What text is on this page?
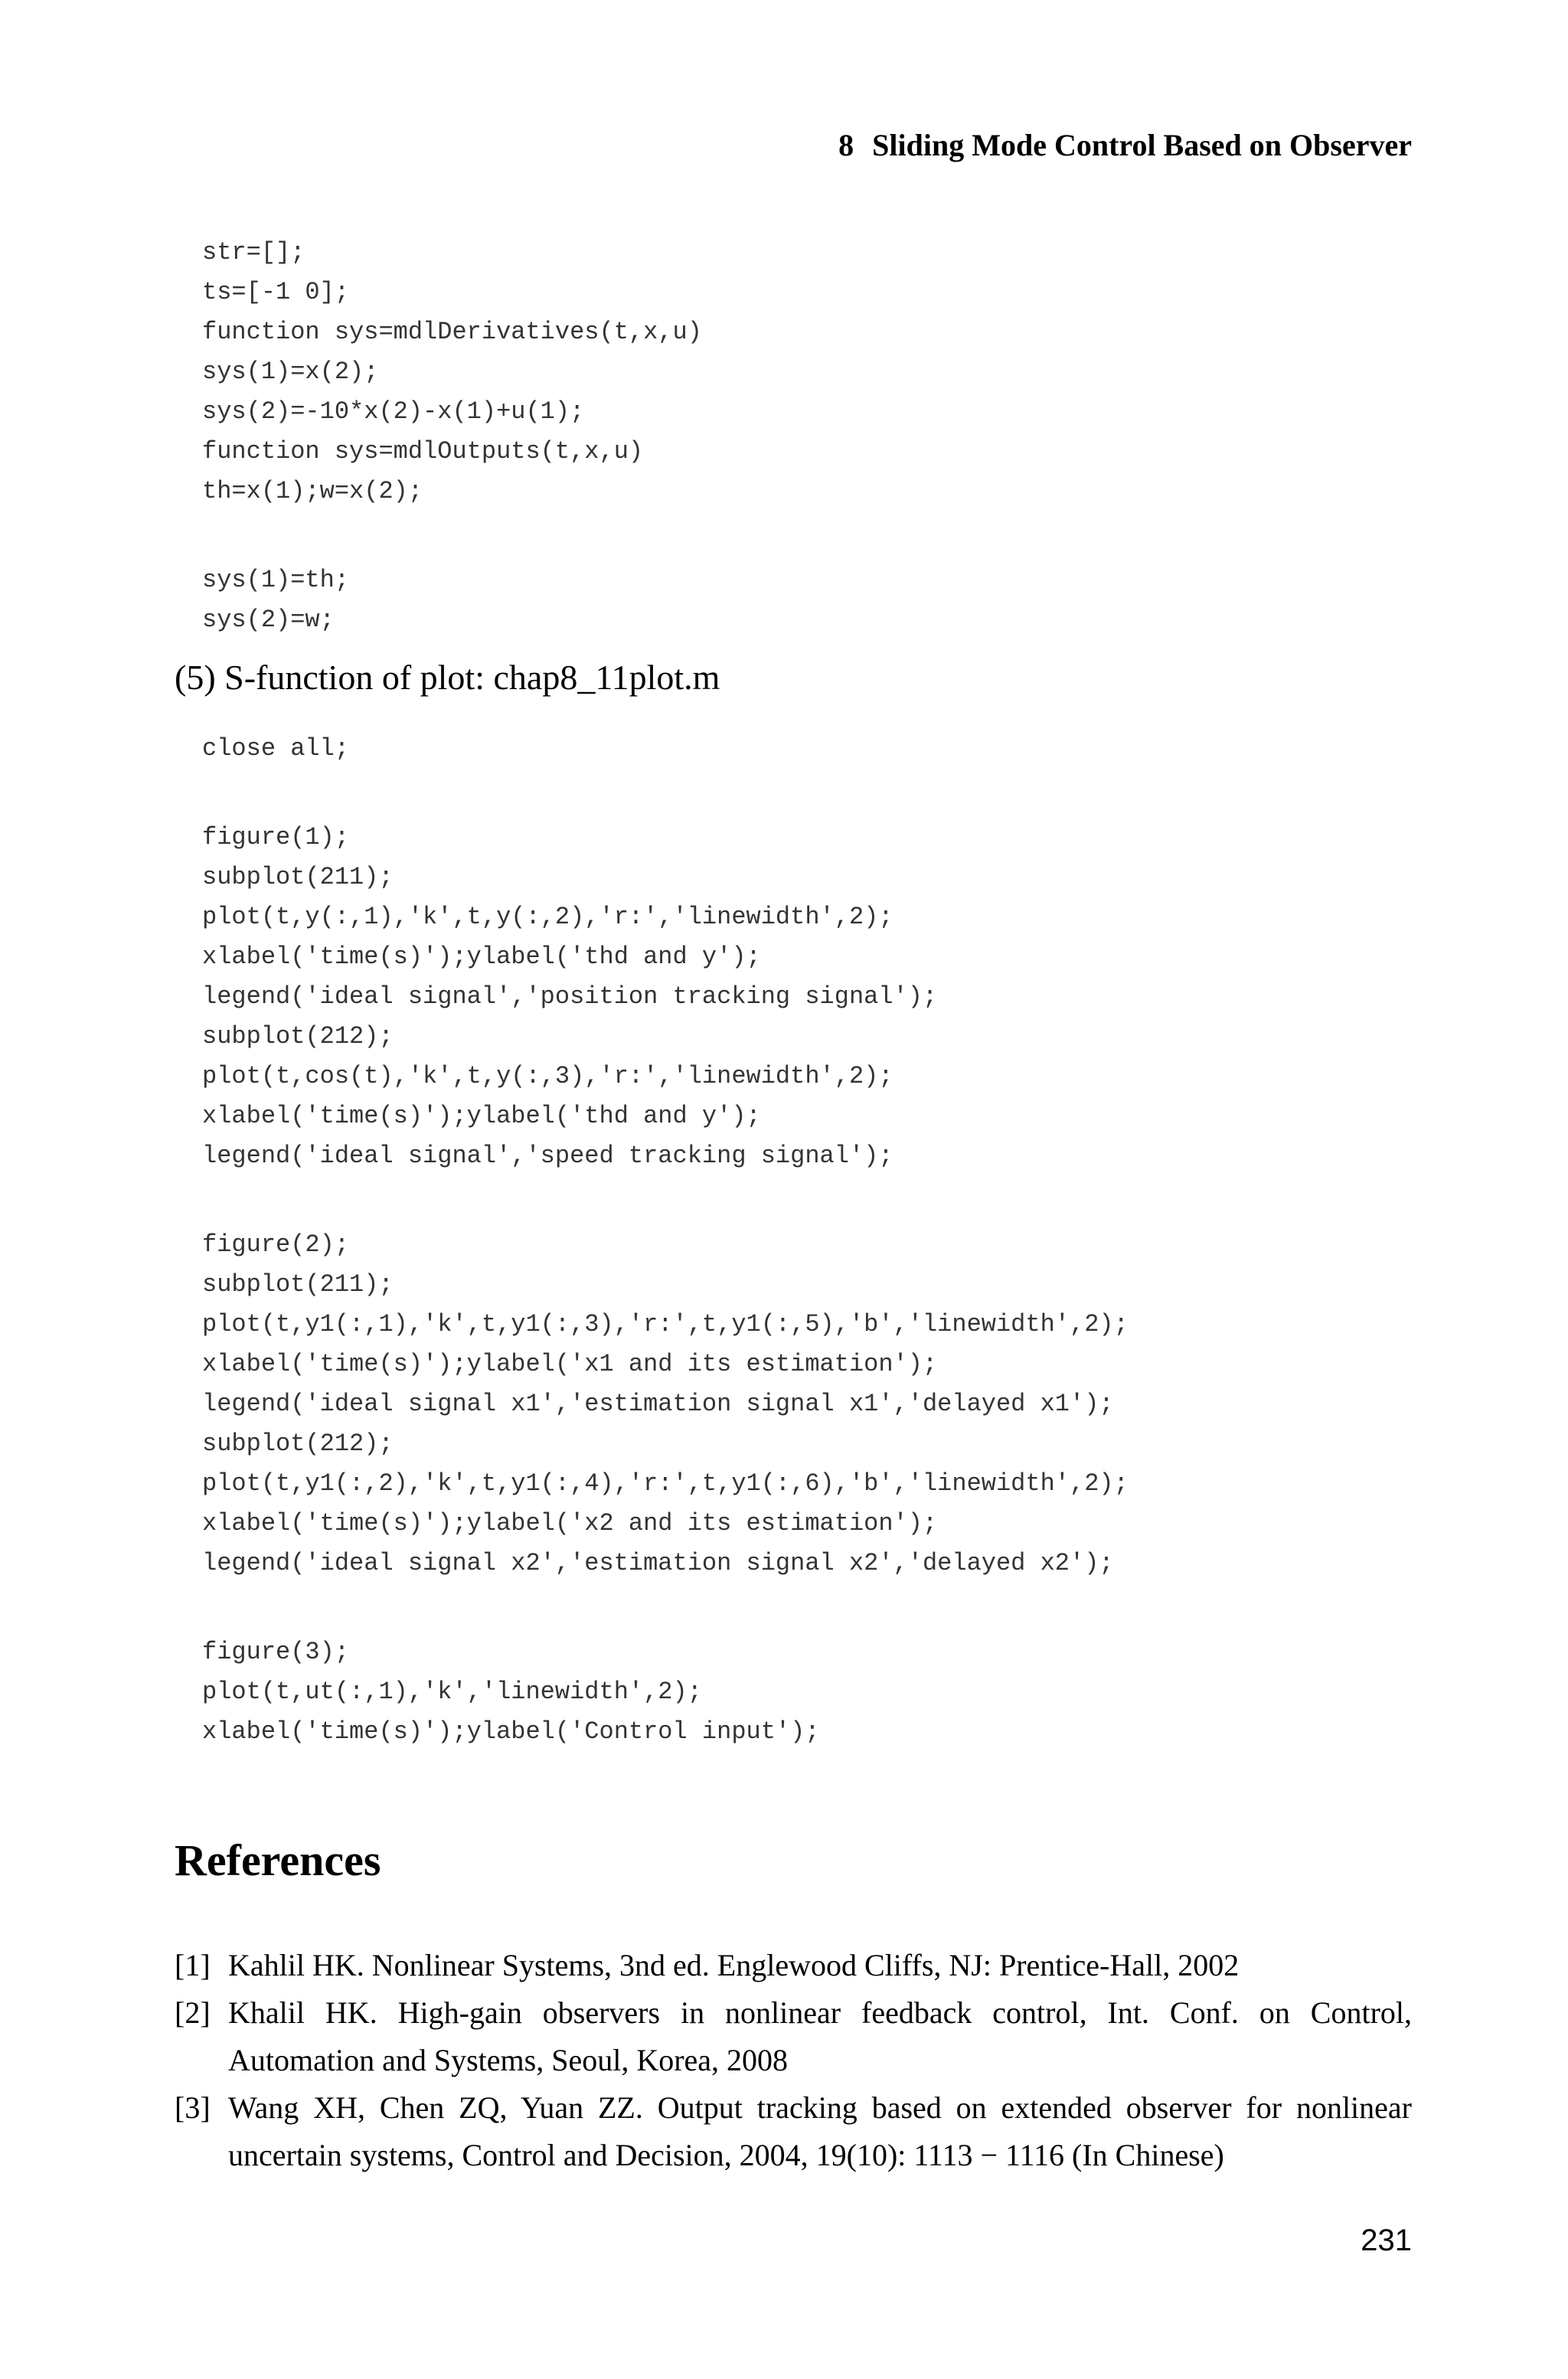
8 Sliding Mode Control Based on Observer
str=[];
ts=[-1 0];
function sys=mdlDerivatives(t,x,u)
sys(1)=x(2);
sys(2)=-10*x(2)-x(1)+u(1);
function sys=mdlOutputs(t,x,u)
th=x(1);w=x(2);
sys(1)=th;
sys(2)=w;
(5) S-function of plot: chap8_11plot.m
close all;
figure(1);
subplot(211);
plot(t,y(:,1),'k',t,y(:,2),'r:','linewidth',2);
xlabel('time(s)');ylabel('thd and y');
legend('ideal signal','position tracking signal');
subplot(212);
plot(t,cos(t),'k',t,y(:,3),'r:','linewidth',2);
xlabel('time(s)');ylabel('thd and y');
legend('ideal signal','speed tracking signal');
figure(2);
subplot(211);
plot(t,y1(:,1),'k',t,y1(:,3),'r:',t,y1(:,5),'b','linewidth',2);
xlabel('time(s)');ylabel('x1 and its estimation');
legend('ideal signal x1','estimation signal x1','delayed x1');
subplot(212);
plot(t,y1(:,2),'k',t,y1(:,4),'r:',t,y1(:,6),'b','linewidth',2);
xlabel('time(s)');ylabel('x2 and its estimation');
legend('ideal signal x2','estimation signal x2','delayed x2');
figure(3);
plot(t,ut(:,1),'k','linewidth',2);
xlabel('time(s)');ylabel('Control input');
References
[1] Kahlil HK. Nonlinear Systems, 3nd ed. Englewood Cliffs, NJ: Prentice-Hall, 2002
[2] Khalil HK. High-gain observers in nonlinear feedback control, Int. Conf. on Control, Automation and Systems, Seoul, Korea, 2008
[3] Wang XH, Chen ZQ, Yuan ZZ. Output tracking based on extended observer for nonlinear uncertain systems, Control and Decision, 2004, 19(10): 1113 − 1116 (In Chinese)
231
